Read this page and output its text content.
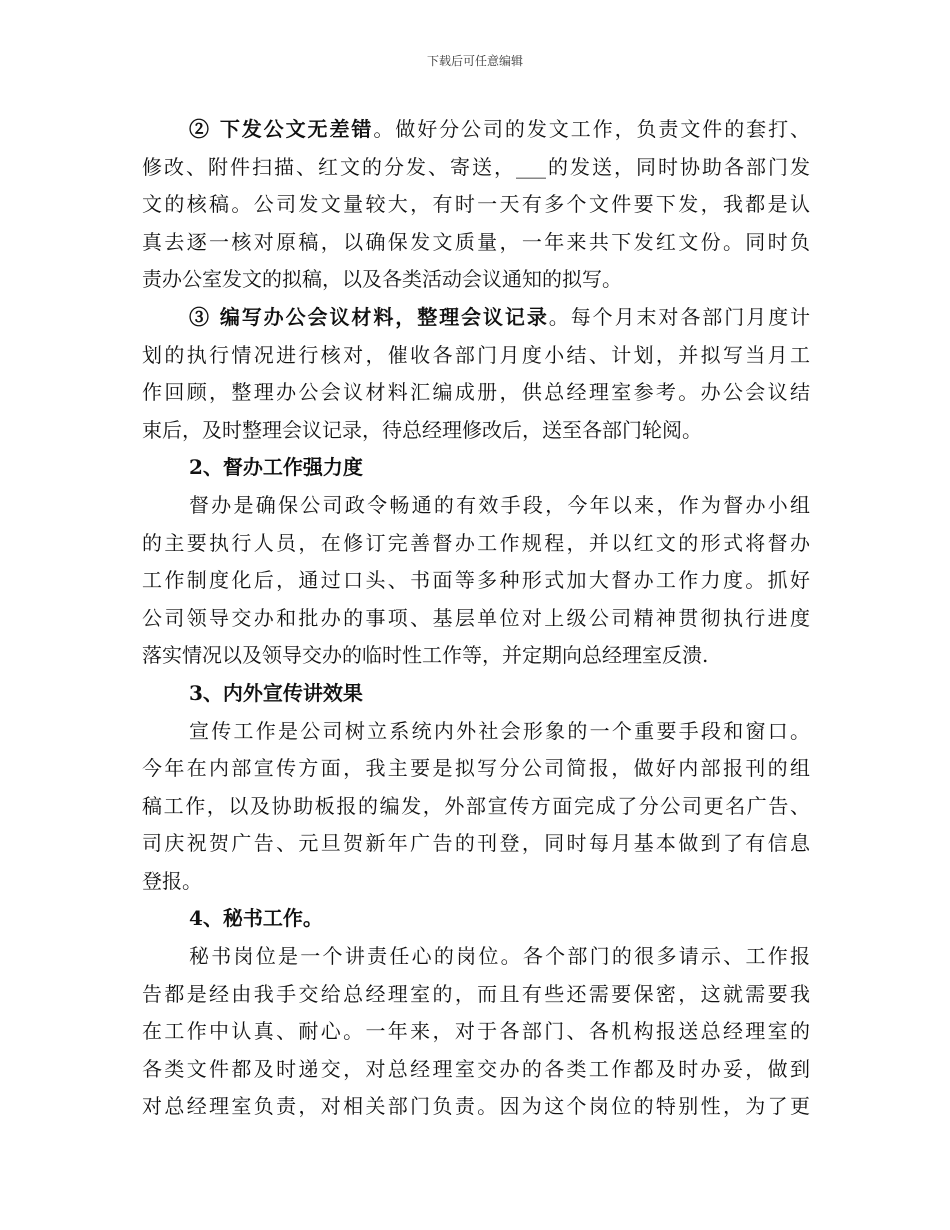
下载后可任意编辑
② 下发公文无差错。做好分公司的发文工作，负责文件的套打、
修改、附件扫描、红文的分发、寄送，___的发送，同时协助各部门发
文的核稿。公司发文量较大，有时一天有多个文件要下发，我都是认
真去逐一核对原稿，以确保发文质量，一年来共下发红文份。同时负
责办公室发文的拟稿，以及各类活动会议通知的拟写。
③ 编写办公会议材料，整理会议记录。每个月末对各部门月度计
划的执行情况进行核对，催收各部门月度小结、计划，并拟写当月工
作回顾，整理办公会议材料汇编成册，供总经理室参考。办公会议结
束后，及时整理会议记录，待总经理修改后，送至各部门轮阅。
2、督办工作强力度
督办是确保公司政令畅通的有效手段，今年以来，作为督办小组
的主要执行人员，在修订完善督办工作规程，并以红文的形式将督办
工作制度化后，通过口头、书面等多种形式加大督办工作力度。抓好
公司领导交办和批办的事项、基层单位对上级公司精神贯彻执行进度
落实情况以及领导交办的临时性工作等，并定期向总经理室反溃.
3、内外宣传讲效果
宣传工作是公司树立系统内外社会形象的一个重要手段和窗口。
今年在内部宣传方面，我主要是拟写分公司简报，做好内部报刊的组
稿工作，以及协助板报的编发，外部宣传方面完成了分公司更名广告、
司庆祝贺广告、元旦贺新年广告的刊登，同时每月基本做到了有信息
登报。
4、秘书工作。
秘书岗位是一个讲责任心的岗位。各个部门的很多请示、工作报
告都是经由我手交给总经理室的，而且有些还需要保密，这就需要我
在工作中认真、耐心。一年来，对于各部门、各机构报送总经理室的
各类文件都及时递交，对总经理室交办的各类工作都及时办妥，做到
对总经理室负责，对相关部门负责。因为这个岗位的特别性，为了更
